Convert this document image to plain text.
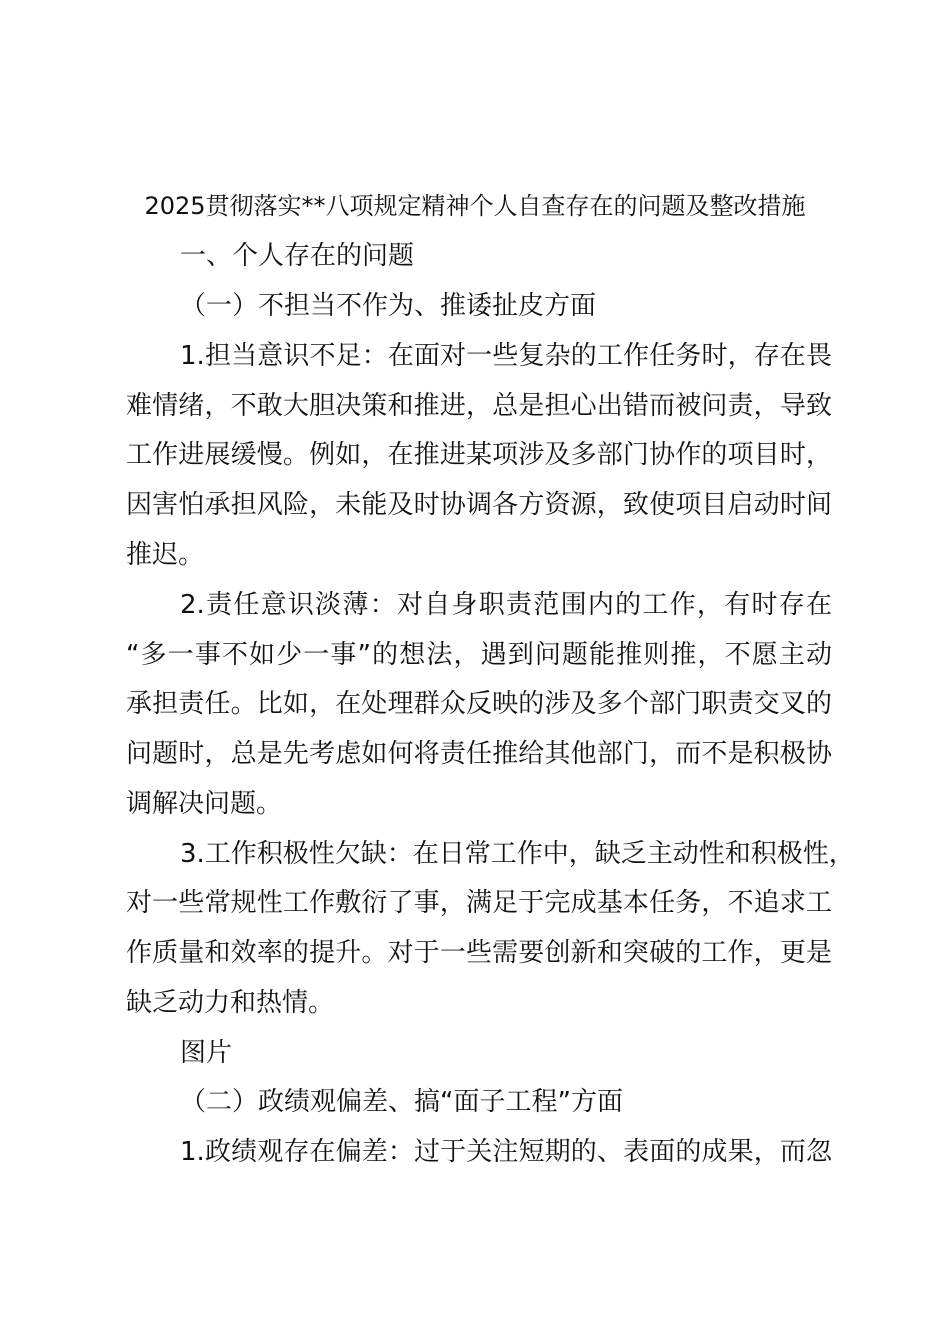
2025贯彻落实**八项规定精神个人自查存在的问题及整改措施
一、个人存在的问题
（一）不担当不作为、推诿扯皮方面
1.担当意识不足：在面对一些复杂的工作任务时，存在畏
难情绪，不敢大胆决策和推进，总是担心出错而被问责，导致
工作进展缓慢。例如，在推进某项涉及多部门协作的项目时，
因害怕承担风险，未能及时协调各方资源，致使项目启动时间
推迟。
2.责任意识淡薄：对自身职责范围内的工作，有时存在
“多一事不如少一事”的想法，遇到问题能推则推，不愿主动
承担责任。比如，在处理群众反映的涉及多个部门职责交叉的
问题时，总是先考虑如何将责任推给其他部门，而不是积极协
调解决问题。
3.工作积极性欠缺：在日常工作中，缺乏主动性和积极性，
对一些常规性工作敷衍了事，满足于完成基本任务，不追求工
作质量和效率的提升。对于一些需要创新和突破的工作，更是
缺乏动力和热情。
图片
（二）政绩观偏差、搞“面子工程”方面
1.政绩观存在偏差：过于关注短期的、表面的成果，而忽
